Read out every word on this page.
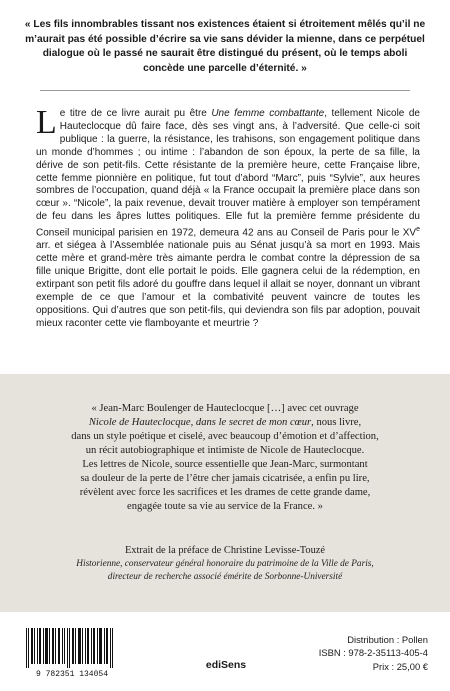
« Les fils innombrables tissant nos existences étaient si étroitement mêlés qu’il ne m’aurait pas été possible d’écrire sa vie sans dévider la mienne, dans ce perpétuel dialogue où le passé ne saurait être distingué du présent, où le temps aboli concède une parcelle d’éternité. »
Le titre de ce livre aurait pu être Une femme combattante, tellement Nicole de Hauteclocque dû faire face, dès ses vingt ans, à l’adversité. Que celle-ci soit publique : la guerre, la résistance, les trahisons, son engagement politique dans un monde d’hommes ; ou intime : l’abandon de son époux, la perte de sa fille, la dérive de son petit-fils. Cette résistante de la première heure, cette Française libre, cette femme pionnière en politique, fut tout d’abord “Marc”, puis “Sylvie”, aux heures sombres de l’occupation, quand déjà « la France occupait la première place dans son cœur ». “Nicole”, la paix revenue, devait trouver matière à employer son tempérament de feu dans les âpres luttes politiques. Elle fut la première femme présidente du Conseil municipal parisien en 1972, demeura 42 ans au Conseil de Paris pour le XVe arr. et siégea à l’Assemblée nationale puis au Sénat jusqu’à sa mort en 1993. Mais cette mère et grand-mère très aimante perdra le combat contre la dépression de sa fille unique Brigitte, dont elle portait le poids. Elle gagnera celui de la rédemption, en extirpant son petit fils adoré du gouffre dans lequel il allait se noyer, donnant un vibrant exemple de ce que l’amour et la combativité peuvent vaincre de toutes les oppositions. Qui d’autres que son petit-fils, qui deviendra son fils par adoption, pouvait mieux raconter cette vie flamboyante et meurtrie ?
« Jean-Marc Boulenger de Hauteclocque […] avec cet ouvrage
Nicole de Hauteclocque, dans le secret de mon cœur, nous livre,
dans un style poétique et ciselé, avec beaucoup d’émotion et d’affection,
un récit autobiographique et intimiste de Nicole de Hauteclocque.
Les lettres de Nicole, source essentielle que Jean-Marc, surmontant
sa douleur de la perte de l’être cher jamais cicatrisée, a enfin pu lire,
révèlent avec force les sacrifices et les drames de cette grande dame,
engagée toute sa vie au service de la France. »
Extrait de la préface de Christine Levisse-Touzé
Historienne, conservateur général honoraire du patrimoine de la Ville de Paris,
directeur de recherche associé émérite de Sorbonne-Université
9 782351 134054
ediSens
Distribution : Pollen
ISBN : 978-2-35113-405-4
Prix : 25,00 €
